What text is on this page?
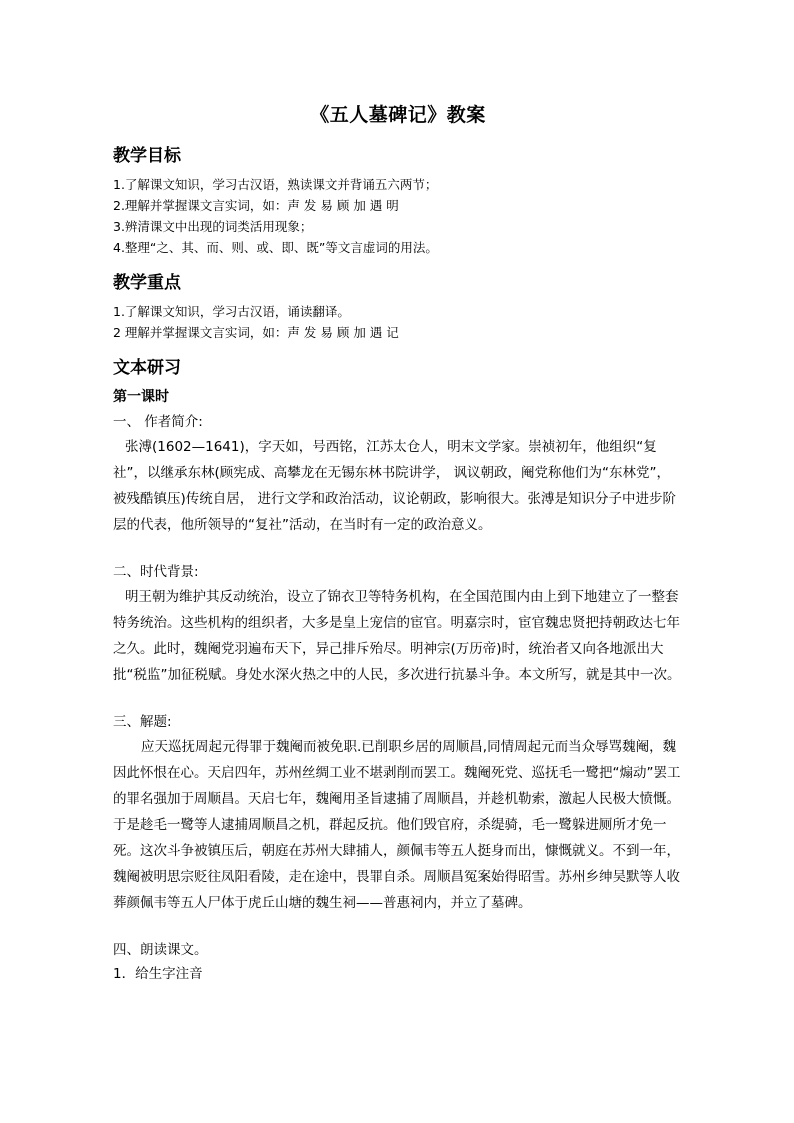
《五人墓碑记》教案
教学目标

1.了解课文知识，学习古汉语，熟读课文并背诵五六两节；

2.理解并掌握课文言实词，如：声 发 易 顾 加 遇 明

3.辨清课文中出现的词类活用现象；

4.整理“之、其、而、则、或、即、既”等文言虚词的用法。

教学重点

1.了解课文知识，学习古汉语，诵读翻译。

2 理解并掌握课文言实词，如：声 发 易 顾 加 遇 记

文本研习
第一课时

一、 作者简介:

张溥(1602—1641)，字天如，号西铭，江苏太仓人，明末文学家。崇祯初年，他组织“复社”，以继承东林(顾宪成、高攀龙在无锡东林书院讲学， 讽议朝政，阉党称他们为“东林党”，被残酷镇压)传统自居， 进行文学和政治活动，议论朝政，影响很大。张溥是知识分子中进步阶层的代表，他所领导的“复社”活动，在当时有一定的政治意义。

二、时代背景:

明王朝为维护其反动统治，设立了锦衣卫等特务机构，在全国范围内由上到下地建立了一整套特务统治。这些机构的组织者，大多是皇上宠信的宦官。明嘉宗时，宦官魏忠贤把持朝政达七年之久。此时，魏阉党羽遍布天下，异己排斥殆尽。明神宗(万历帝)时，统治者又向各地派出大批“税监”加征税赋。身处水深火热之中的人民，多次进行抗暴斗争。本文所写，就是其中一次。

三、解题:

应天巡抚周起元得罪于魏阉而被免职.已削职乡居的周顺昌,同情周起元而当众辱骂魏阉，魏因此怀恨在心。天启四年，苏州丝绸工业不堪剥削而罢工。魏阉死党、巡抚毛一鹭把“煽动”罢工的罪名强加于周顺昌。天启七年，魏阉用圣旨逮捕了周顺昌，并趁机勒索，激起人民极大愤慨。于是趁毛一鹭等人逮捕周顺昌之机，群起反抗。他们毁官府，杀缇骑，毛一鹭躲进厕所才免一死。这次斗争被镇压后，朝庭在苏州大肆捕人，颜佩韦等五人挺身而出，慷慨就义。不到一年，魏阉被明思宗贬往凤阳看陵，走在途中，畏罪自杀。周顺昌冤案始得昭雪。苏州乡绅吴默等人收葬颜佩韦等五人尸体于虎丘山塘的魏生祠——普惠祠内，并立了墓碑。

四、朗读课文。

1．给生字注音
